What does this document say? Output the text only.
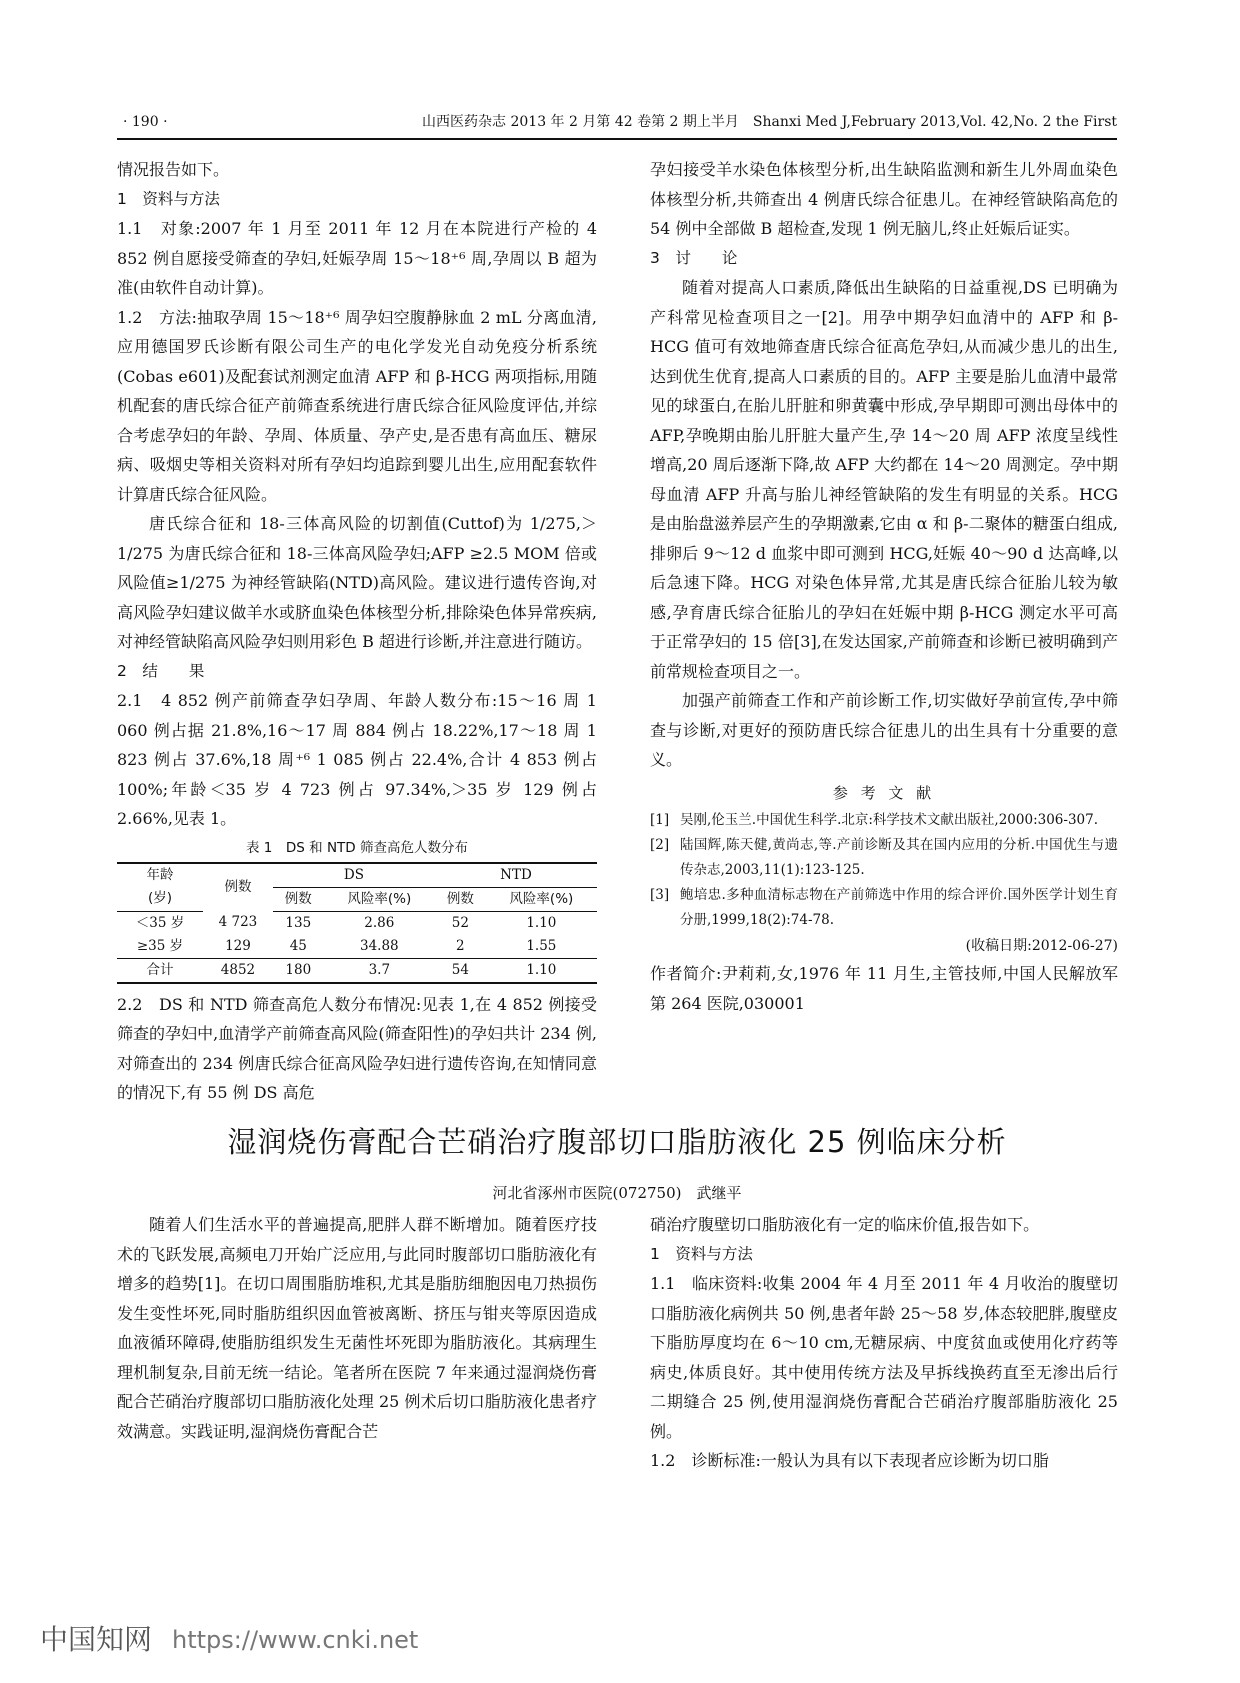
· 190 ·	山西医药杂志 2013 年 2 月第 42 卷第 2 期上半月　Shanxi Med J,February 2013,Vol. 42,No. 2 the First

情况报告如下。

1　资料与方法

1.1　对象:2007 年 1 月至 2011 年 12 月在本院进行产检的 4 852 例自愿接受筛查的孕妇,妊娠孕周 15～18⁺⁶ 周,孕周以 B 超为准(由软件自动计算)。

1.2　方法:抽取孕周 15～18⁺⁶ 周孕妇空腹静脉血 2 mL 分离血清,应用德国罗氏诊断有限公司生产的电化学发光自动免疫分析系统(Cobas e601)及配套试剂测定血清 AFP 和 β-HCG 两项指标,用随机配套的唐氏综合征产前筛查系统进行唐氏综合征风险度评估,并综合考虑孕妇的年龄、孕周、体质量、孕产史,是否患有高血压、糖尿病、吸烟史等相关资料对所有孕妇均追踪到婴儿出生,应用配套软件计算唐氏综合征风险。

唐氏综合征和 18-三体高风险的切割值(Cuttof)为 1/275,＞1/275 为唐氏综合征和 18-三体高风险孕妇;AFP ≥2.5 MOM 倍或风险值≥1/275 为神经管缺陷(NTD)高风险。建议进行遗传咨询,对高风险孕妇建议做羊水或脐血染色体核型分析,排除染色体异常疾病,对神经管缺陷高风险孕妇则用彩色 B 超进行诊断,并注意进行随访。

2　结　　果

2.1　4 852 例产前筛查孕妇孕周、年龄人数分布:15～16 周 1 060 例占据 21.8%,16～17 周 884 例占 18.22%,17～18 周 1 823 例占 37.6%,18 周⁺⁶ 1 085 例占 22.4%,合计 4 853 例占 100%;年龄＜35 岁 4 723 例占 97.34%,＞35 岁 129 例占 2.66%,见表 1。

表 1　DS 和 NTD 筛查高危人数分布
年龄	例数	DS		NTD	
(岁)		例数	风险率(%)	例数	风险率(%)
＜35 岁	4 723	135	2.86	52	1.10
≥35 岁	129	45	34.88	2	1.55
合计	4852	180	3.7	54	1.10

2.2　DS 和 NTD 筛查高危人数分布情况:见表 1,在 4 852 例接受筛查的孕妇中,血清学产前筛查高风险(筛查阳性)的孕妇共计 234 例,对筛查出的 234 例唐氏综合征高风险孕妇进行遗传咨询,在知情同意的情况下,有 55 例 DS 高危

孕妇接受羊水染色体核型分析,出生缺陷监测和新生儿外周血染色体核型分析,共筛查出 4 例唐氏综合征患儿。在神经管缺陷高危的 54 例中全部做 B 超检查,发现 1 例无脑儿,终止妊娠后证实。

3　讨　　论

随着对提高人口素质,降低出生缺陷的日益重视,DS 已明确为产科常见检查项目之一[2]。用孕中期孕妇血清中的 AFP 和 β-HCG 值可有效地筛查唐氏综合征高危孕妇,从而减少患儿的出生,达到优生优育,提高人口素质的目的。AFP 主要是胎儿血清中最常见的球蛋白,在胎儿肝脏和卵黄囊中形成,孕早期即可测出母体中的 AFP,孕晚期由胎儿肝脏大量产生,孕 14～20 周 AFP 浓度呈线性增高,20 周后逐渐下降,故 AFP 大约都在 14～20 周测定。孕中期母血清 AFP 升高与胎儿神经管缺陷的发生有明显的关系。HCG 是由胎盘滋养层产生的孕期激素,它由 α 和 β-二聚体的糖蛋白组成,排卵后 9～12 d 血浆中即可测到 HCG,妊娠 40～90 d 达高峰,以后急速下降。HCG 对染色体异常,尤其是唐氏综合征胎儿较为敏感,孕育唐氏综合征胎儿的孕妇在妊娠中期 β-HCG 测定水平可高于正常孕妇的 15 倍[3],在发达国家,产前筛查和诊断已被明确到产前常规检查项目之一。

加强产前筛查工作和产前诊断工作,切实做好孕前宣传,孕中筛查与诊断,对更好的预防唐氏综合征患儿的出生具有十分重要的意义。

参 考 文 献
[1] 吴刚,伦玉兰.中国优生科学.北京:科学技术文献出版社,2000:306-307.
[2] 陆国辉,陈天健,黄尚志,等.产前诊断及其在国内应用的分析.中国优生与遗传杂志,2003,11(1):123-125.
[3] 鲍培忠.多种血清标志物在产前筛选中作用的综合评价.国外医学计划生育分册,1999,18(2):74-78.
(收稿日期:2012-06-27)

作者简介:尹莉莉,女,1976 年 11 月生,主管技师,中国人民解放军第 264 医院,030001

湿润烧伤膏配合芒硝治疗腹部切口脂肪液化 25 例临床分析
河北省涿州市医院(072750)　武继平

随着人们生活水平的普遍提高,肥胖人群不断增加。随着医疗技术的飞跃发展,高频电刀开始广泛应用,与此同时腹部切口脂肪液化有增多的趋势[1]。在切口周围脂肪堆积,尤其是脂肪细胞因电刀热损伤发生变性坏死,同时脂肪组织因血管被离断、挤压与钳夹等原因造成血液循环障碍,使脂肪组织发生无菌性坏死即为脂肪液化。其病理生理机制复杂,目前无统一结论。笔者所在医院 7 年来通过湿润烧伤膏配合芒硝治疗腹部切口脂肪液化处理 25 例术后切口脂肪液化患者疗效满意。实践证明,湿润烧伤膏配合芒

硝治疗腹壁切口脂肪液化有一定的临床价值,报告如下。

1　资料与方法

1.1　临床资料:收集 2004 年 4 月至 2011 年 4 月收治的腹壁切口脂肪液化病例共 50 例,患者年龄 25～58 岁,体态较肥胖,腹壁皮下脂肪厚度均在 6～10 cm,无糖尿病、中度贫血或使用化疗药等病史,体质良好。其中使用传统方法及早拆线换药直至无渗出后行二期缝合 25 例,使用湿润烧伤膏配合芒硝治疗腹部脂肪液化 25 例。

1.2　诊断标准:一般认为具有以下表现者应诊断为切口脂

中国知网 https://www.cnki.net
